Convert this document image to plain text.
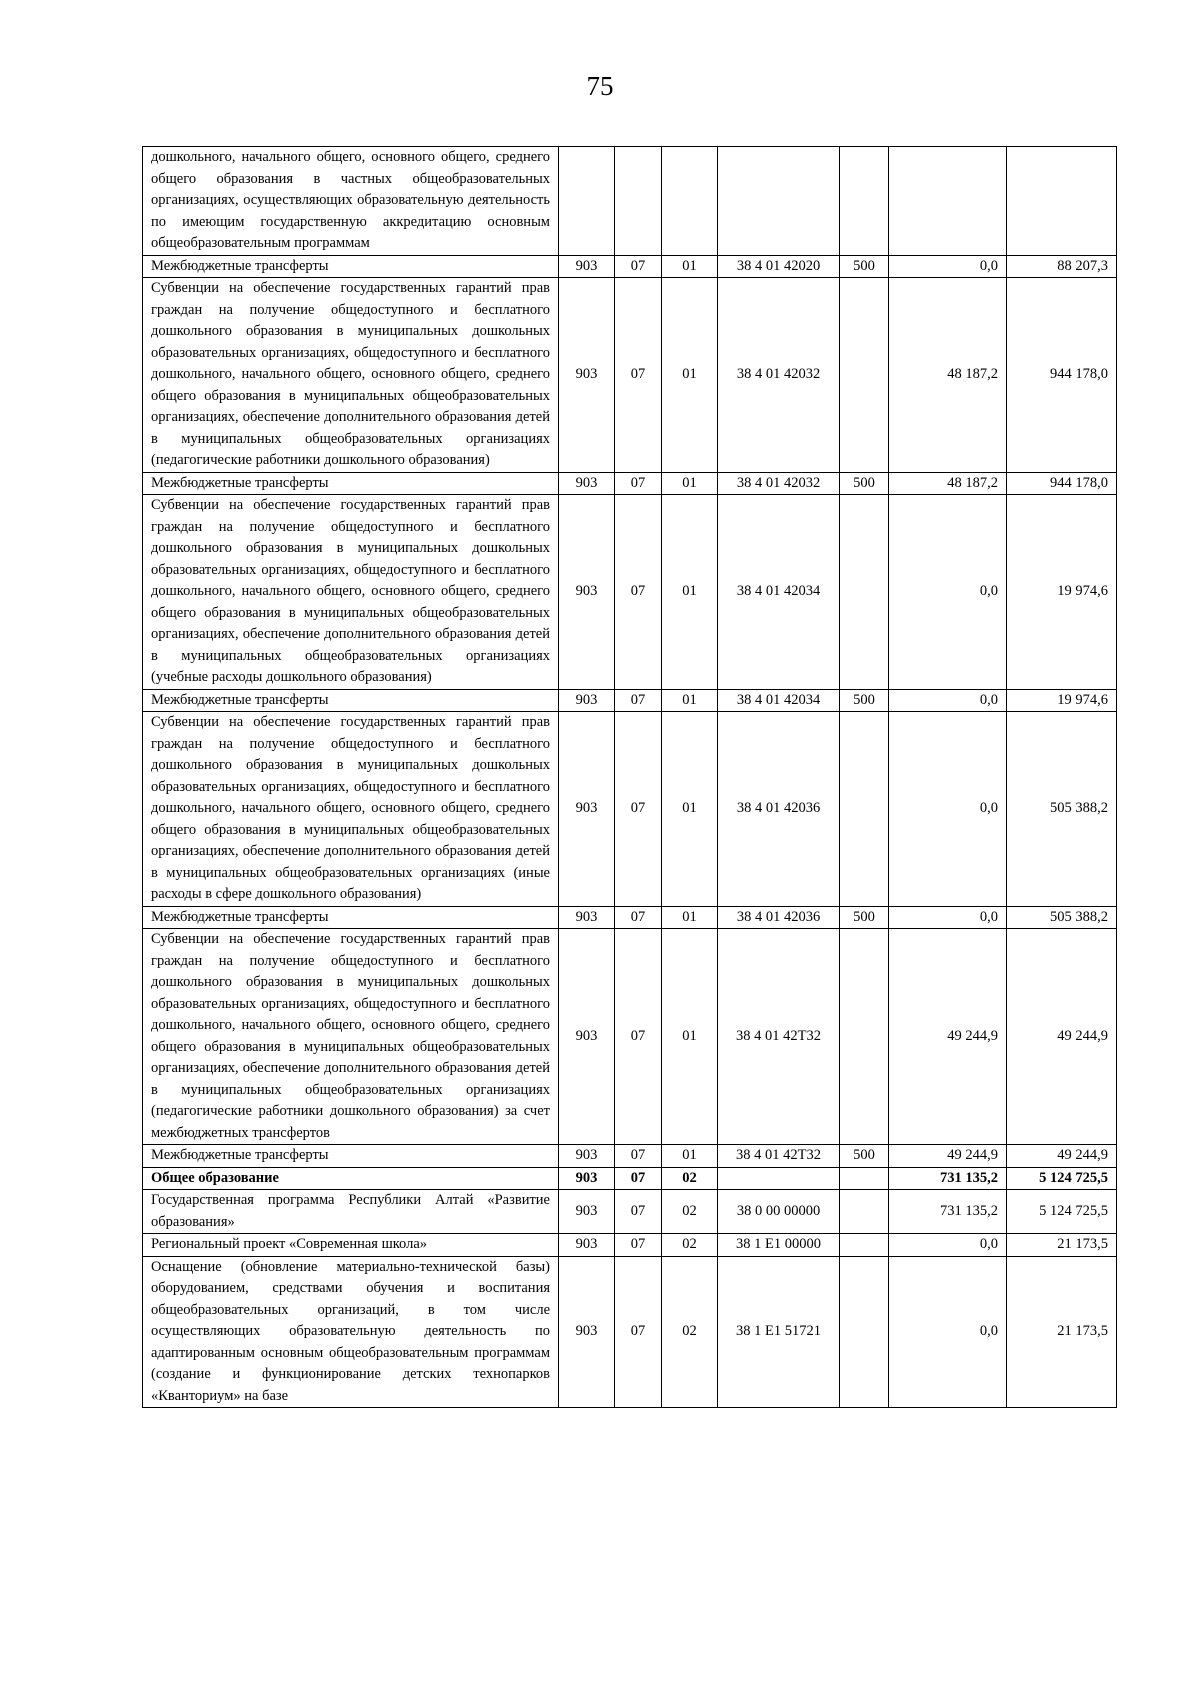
75
дошкольного, начального общего, основного общего, среднего общего образования в частных общеобразовательных организациях, осуществляющих образовательную деятельность по имеющим государственную аккредитацию основным общеобразовательным программам							
Межбюджетные трансферты	903	07	01	38 4 01 42020	500	0,0	88 207,3
Субвенции на обеспечение государственных гарантий прав граждан на получение общедоступного и бесплатного дошкольного образования в муниципальных дошкольных образовательных организациях, общедоступного и бесплатного дошкольного, начального общего, основного общего, среднего общего образования в муниципальных общеобразовательных организациях, обеспечение дополнительного образования детей в муниципальных общеобразовательных организациях (педагогические работники дошкольного образования)	903	07	01	38 4 01 42032		48 187,2	944 178,0
Межбюджетные трансферты	903	07	01	38 4 01 42032	500	48 187,2	944 178,0
Субвенции на обеспечение государственных гарантий прав граждан на получение общедоступного и бесплатного дошкольного образования в муниципальных дошкольных образовательных организациях, общедоступного и бесплатного дошкольного, начального общего, основного общего, среднего общего образования в муниципальных общеобразовательных организациях, обеспечение дополнительного образования детей в муниципальных общеобразовательных организациях (учебные расходы дошкольного образования)	903	07	01	38 4 01 42034		0,0	19 974,6
Межбюджетные трансферты	903	07	01	38 4 01 42034	500	0,0	19 974,6
Субвенции на обеспечение государственных гарантий прав граждан на получение общедоступного и бесплатного дошкольного образования в муниципальных дошкольных образовательных организациях, общедоступного и бесплатного дошкольного, начального общего, основного общего, среднего общего образования в муниципальных общеобразовательных организациях, обеспечение дополнительного образования детей в муниципальных общеобразовательных организациях (иные расходы в сфере дошкольного образования)	903	07	01	38 4 01 42036		0,0	505 388,2
Межбюджетные трансферты	903	07	01	38 4 01 42036	500	0,0	505 388,2
Субвенции на обеспечение государственных гарантий прав граждан на получение общедоступного и бесплатного дошкольного образования в муниципальных дошкольных образовательных организациях, общедоступного и бесплатного дошкольного, начального общего, основного общего, среднего общего образования в муниципальных общеобразовательных организациях, обеспечение дополнительного образования детей в муниципальных общеобразовательных организациях (педагогические работники дошкольного образования) за счет межбюджетных трансфертов	903	07	01	38 4 01 42Т32		49 244,9	49 244,9
Межбюджетные трансферты	903	07	01	38 4 01 42Т32	500	49 244,9	49 244,9
Общее образование	903	07	02			731 135,2	5 124 725,5
Государственная программа Республики Алтай «Развитие образования»	903	07	02	38 0 00 00000		731 135,2	5 124 725,5
Региональный проект «Современная школа»	903	07	02	38 1 E1 00000		0,0	21 173,5
Оснащение (обновление материально-технической базы) оборудованием, средствами обучения и воспитания общеобразовательных организаций, в том числе осуществляющих образовательную деятельность по адаптированным основным общеобразовательным программам (создание и функционирование детских технопарков «Кванториум» на базе	903	07	02	38 1 E1 51721		0,0	21 173,5
